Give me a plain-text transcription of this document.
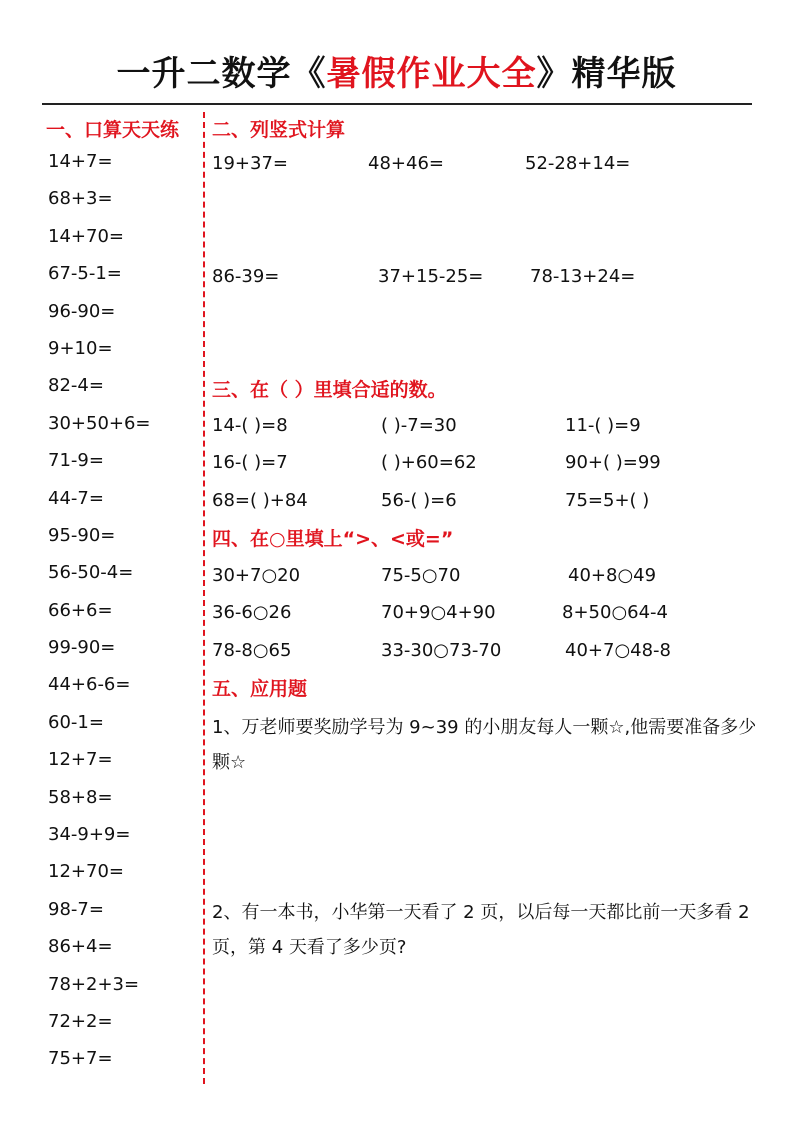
一升二数学《暑假作业大全》精华版
一、口算天天练
14+7=
68+3=
14+70=
67-5-1=
96-90=
9+10=
82-4=
30+50+6=
71-9=
44-7=
95-90=
56-50-4=
66+6=
99-90=
44+6-6=
60-1=
12+7=
58+8=
34-9+9=
12+70=
98-7=
86+4=
78+2+3=
72+2=
75+7=
二、列竖式计算
19+37=	48+46=	52-28+14=
86-39=	37+15-25=	78-13+24=
三、在（ ）里填合适的数。
14-( )=8	( )-7=30	11-( )=9
16-( )=7	( )+60=62	90+( )=99
68=( )+84	56-( )=6	75=5+( )
四、在○里填上“>、<或=”
30+7○20	75-5○70	40+8○49
36-6○26	70+9○4+90	8+50○64-4
78-8○65	33-30○73-70	40+7○48-8
五、应用题
1、万老师要奖励学号为 9~39 的小朋友每人一颗☆,他需要准备多少颗☆
2、有一本书，小华第一天看了 2 页，以后每一天都比前一天多看 2 页，第 4 天看了多少页?
